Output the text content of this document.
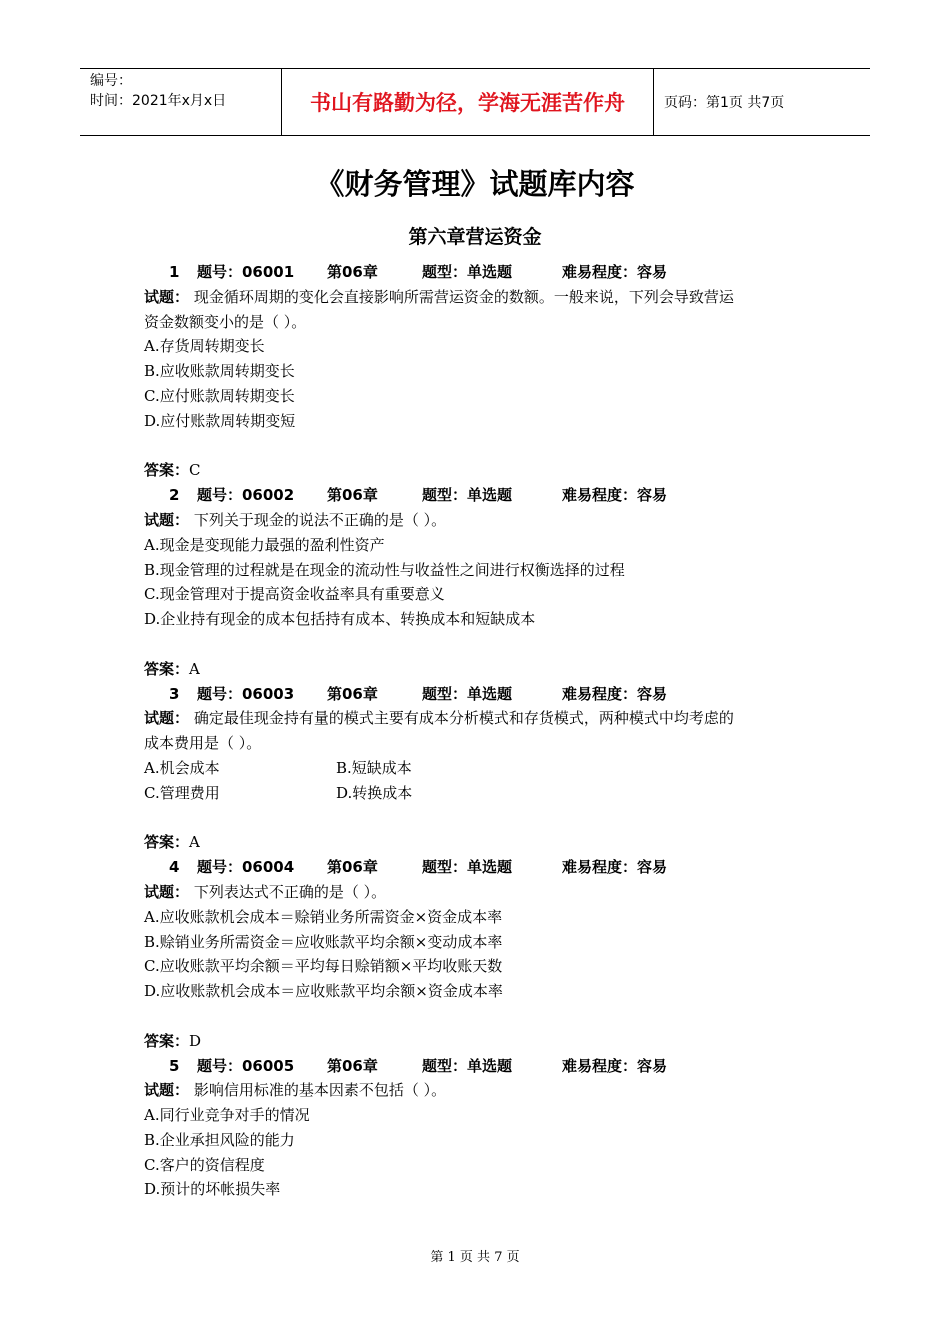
编号：
时间：2021年x月x日	书山有路勤为径，学海无涯苦作舟	页码：第1页 共7页
《财务管理》试题库内容
第六章营运资金
1 题号：06001 第06章	题型：单选题	难易程度：容易
试题： 现金循环周期的变化会直接影响所需营运资金的数额。一般来说，下列会导致营运
资金数额变小的是（ ）。
A.存货周转期变长
B.应收账款周转期变长
C.应付账款周转期变长
D.应付账款周转期变短
答案：C
2 题号：06002 第06章	题型：单选题	难易程度：容易
试题： 下列关于现金的说法不正确的是（ ）。
A.现金是变现能力最强的盈利性资产
B.现金管理的过程就是在现金的流动性与收益性之间进行权衡选择的过程
C.现金管理对于提高资金收益率具有重要意义
D.企业持有现金的成本包括持有成本、转换成本和短缺成本
答案：A
3 题号：06003 第06章	题型：单选题	难易程度：容易
试题： 确定最佳现金持有量的模式主要有成本分析模式和存货模式，两种模式中均考虑的
成本费用是（ ）。
A.机会成本	B.短缺成本
C.管理费用	D.转换成本
答案：A
4 题号：06004 第06章	题型：单选题	难易程度：容易
试题： 下列表达式不正确的是（ ）。
A.应收账款机会成本＝赊销业务所需资金×资金成本率
B.赊销业务所需资金＝应收账款平均余额×变动成本率
C.应收账款平均余额＝平均每日赊销额×平均收账天数
D.应收账款机会成本＝应收账款平均余额×资金成本率
答案：D
5 题号：06005 第06章	题型：单选题	难易程度：容易
试题： 影响信用标准的基本因素不包括（ ）。
A.同行业竞争对手的情况
B.企业承担风险的能力
C.客户的资信程度
D.预计的坏帐损失率
第 1 页 共 7 页
